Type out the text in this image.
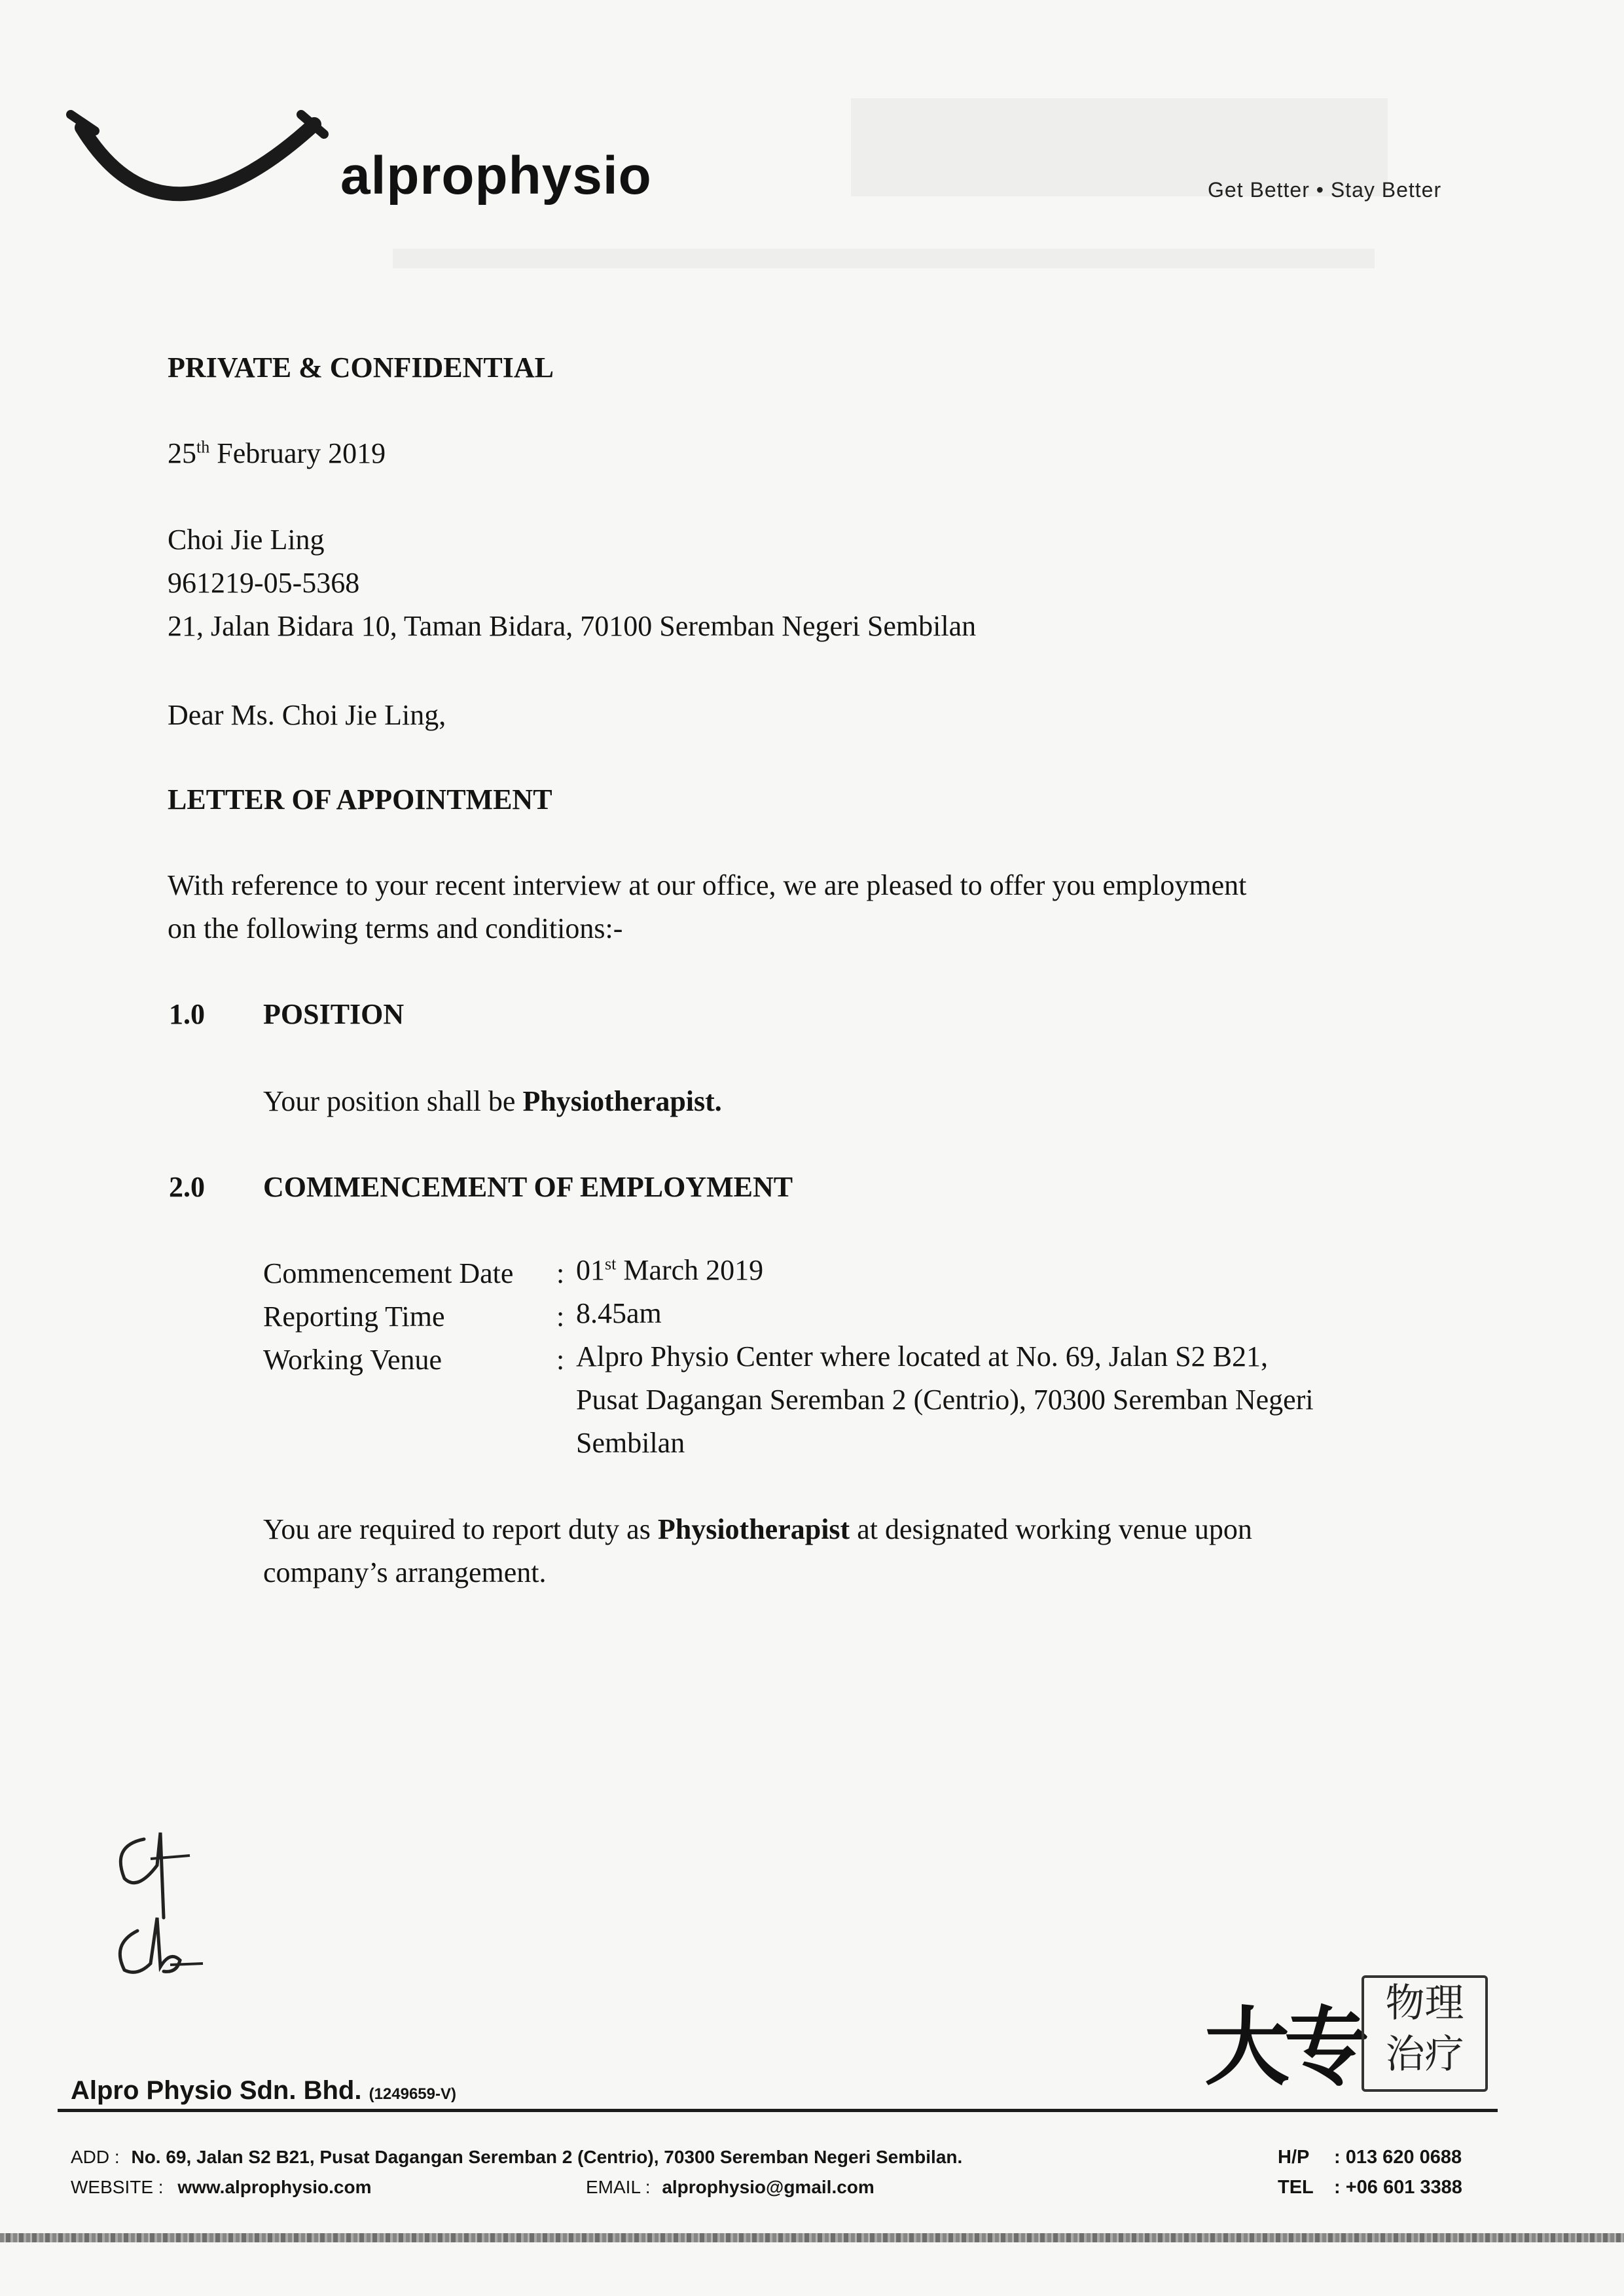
alprophysio	Get Better • Stay Better
PRIVATE & CONFIDENTIAL
25th February 2019
Choi Jie Ling
961219-05-5368
21, Jalan Bidara 10, Taman Bidara, 70100 Seremban Negeri Sembilan
Dear Ms. Choi Jie Ling,
LETTER OF APPOINTMENT
With reference to your recent interview at our office, we are pleased to offer you employment
on the following terms and conditions:-
1.0 POSITION
Your position shall be Physiotherapist.
2.0 COMMENCEMENT OF EMPLOYMENT
Commencement Date : 01st March 2019
Reporting Time	: 8.45am
Working Venue	: Alpro Physio Center where located at No. 69, Jalan S2 B21,
Pusat Dagangan Seremban 2 (Centrio), 70300 Seremban Negeri
Sembilan
You are required to report duty as Physiotherapist at designated working venue upon
company’s arrangement.
大专 物理
治疗
Alpro Physio Sdn. Bhd. (1249659-V)
ADD : No. 69, Jalan S2 B21, Pusat Dagangan Seremban 2 (Centrio), 70300 Seremban Negeri Sembilan.
WEBSITE : www.alprophysio.com	EMAIL : alprophysio@gmail.com
H/P : 013 620 0688
TEL : +06 601 3388
